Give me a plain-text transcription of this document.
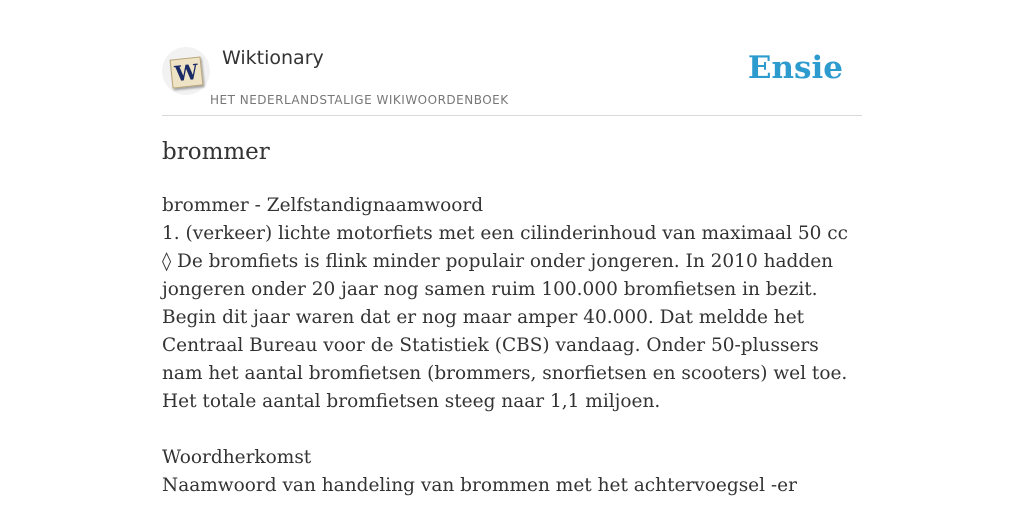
W
Wiktionary
HET NEDERLANDSTALIGE WIKIWOORDENBOEK
Ensie
brommer

brommer - Zelfstandignaamwoord

1. (verkeer) lichte motorfiets met een cilinderinhoud van maximaal 50 cc

◊ De bromfiets is flink minder populair onder jongeren. In 2010 hadden jongeren onder 20 jaar nog samen ruim 100.000 bromfietsen in bezit. Begin dit jaar waren dat er nog maar amper 40.000. Dat meldde het Centraal Bureau voor de Statistiek (CBS) vandaag. Onder 50-plussers nam het aantal bromfietsen (brommers, snorfietsen en scooters) wel toe. Het totale aantal bromfietsen steeg naar 1,1 miljoen.

Woordherkomst

Naamwoord van handeling van brommen met het achtervoegsel -er
